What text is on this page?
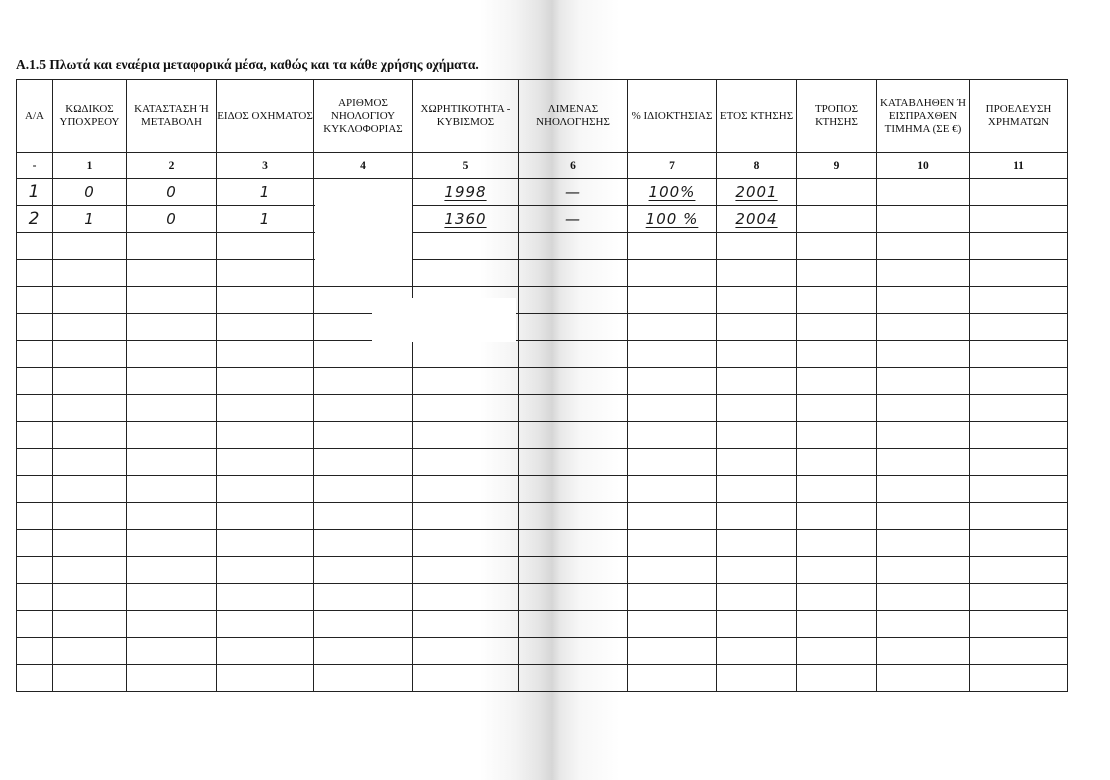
Α.1.5 Πλωτά και εναέρια μεταφορικά μέσα, καθώς και τα κάθε χρήσης οχήματα.
Α/Α	ΚΩΔΙΚΟΣ ΥΠΟΧΡΕΟΥ	ΚΑΤΑΣΤΑΣΗ Ή ΜΕΤΑΒΟΛΗ	ΕΙΔΟΣ ΟΧΗΜΑΤΟΣ	ΑΡΙΘΜΟΣ ΝΗΟΛΟΓΙΟΥ ΚΥΚΛΟΦΟΡΙΑΣ	ΧΩΡΗΤΙΚΟΤΗΤΑ - ΚΥΒΙΣΜΟΣ	ΛΙΜΕΝΑΣ ΝΗΟΛΟΓΗΣΗΣ	% ΙΔΙΟΚΤΗΣΙΑΣ	ΕΤΟΣ ΚΤΗΣΗΣ	ΤΡΟΠΟΣ ΚΤΗΣΗΣ	ΚΑΤΑΒΛΗΘΕΝ Ή ΕΙΣΠΡΑΧΘΕΝ ΤΙΜΗΜΑ (ΣΕ €)	ΠΡΟΕΛΕΥΣΗ ΧΡΗΜΑΤΩΝ
-	1	2	3	4	5	6	7	8	9	10	11
1	0	0	1		1998	—	100%	2001			
2	1	0	1		1360	—	100 %	2004			
